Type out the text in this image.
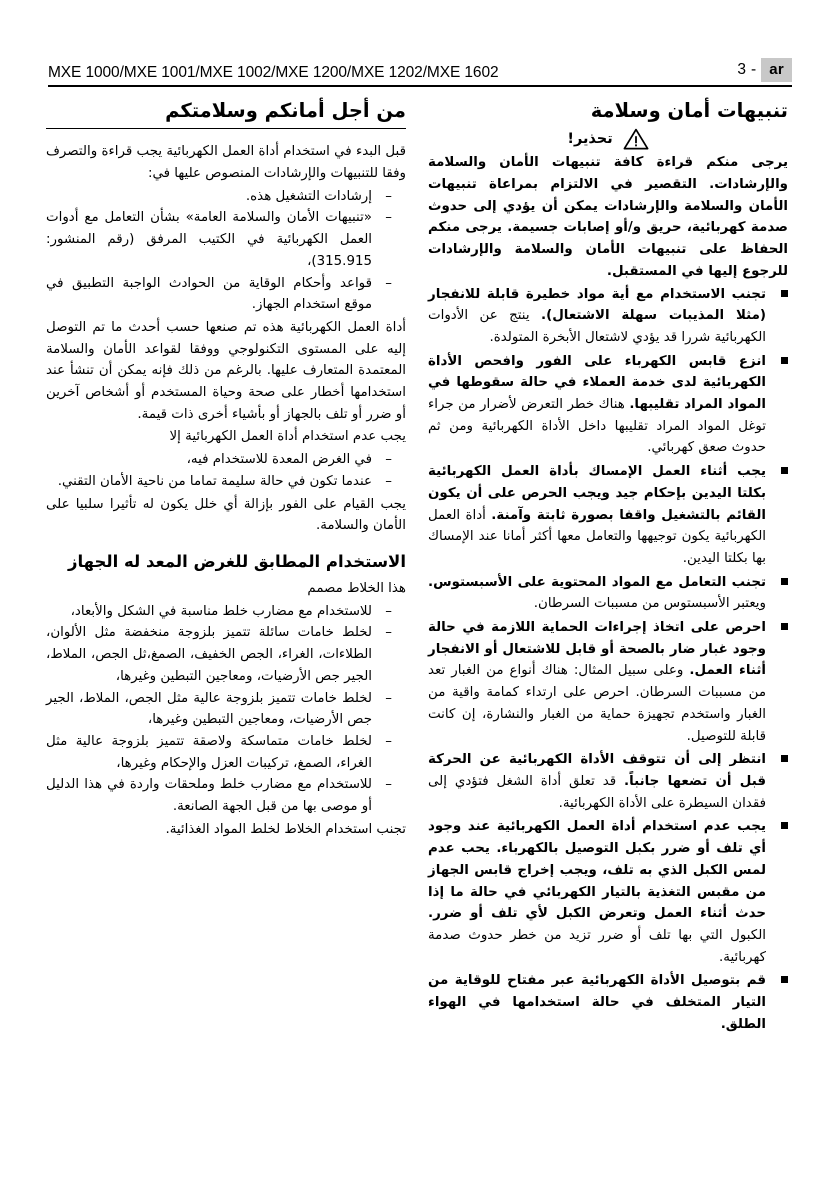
MXE 1000/MXE 1001/MXE 1002/MXE 1200/MXE 1202/MXE 1602	3 - ar
من أجل أمانكم وسلامتكم

قبل البدء في استخدام أداة العمل الكهربائية يجب قراءة والتصرف وفقا للتنبيهات والإرشادات المنصوص عليها في:

–
إرشادات التشغيل هذه.
–
«تنبيهات الأمان والسلامة العامة» بشأن التعامل مع أدوات العمل الكهربائية في الكتيب المرفق (رقم المنشور: 315.915)،
–
قواعد وأحكام الوقاية من الحوادث الواجبة التطبيق في موقع استخدام الجهاز.

أداة العمل الكهربائية هذه تم صنعها حسب أحدث ما تم التوصل إليه على المستوى التكنولوجي ووفقا لقواعد الأمان والسلامة المعتمدة المتعارف عليها. بالرغم من ذلك فإنه يمكن أن تنشأ عند استخدامها أخطار على صحة وحياة المستخدم أو أشخاص آخرين أو ضرر أو تلف بالجهاز أو بأشياء أخرى ذات قيمة.

يجب عدم استخدام أداة العمل الكهربائية إلا

–
في الغرض المعدة للاستخدام فيه،
–
عندما تكون في حالة سليمة تماما من ناحية الأمان التقني.

يجب القيام على الفور بإزالة أي خلل يكون له تأثيرا سلبيا على الأمان والسلامة.

الاستخدام المطابق للغرض المعد له الجهاز

هذا الخلاط مصمم

–
للاستخدام مع مضارب خلط مناسبة في الشكل والأبعاد،
–
لخلط خامات سائلة تتميز بلزوجة منخفضة مثل الألوان، الطلاءات، الغراء، الجص الخفيف، الصمغ،ثل الجص، الملاط، الجير جص الأرضيات، ومعاجين التبطين وغيرها،
–
لخلط خامات تتميز بلزوجة عالية مثل الجص، الملاط، الجير جص الأرضيات، ومعاجين التبطين وغيرها،
–
لخلط خامات متماسكة ولاصقة تتميز بلزوجة عالية مثل الغراء، الصمغ، تركيبات العزل والإحكام وغيرها،
–
للاستخدام مع مضارب خلط وملحقات واردة في هذا الدليل أو موصى بها من قبل الجهة الصانعة.

تجنب استخدام الخلاط لخلط المواد الغذائية.

تنبيهات أمان وسلامة
تحذير!

يرجى منكم قراءة كافة تنبيهات الأمان والسلامة والإرشادات. التقصير في الالتزام بمراعاة تنبيهات الأمان والسلامة والإرشادات يمكن أن يؤدي إلى حدوث صدمة كهربائية، حريق و/أو إصابات جسيمة. يرجى منكم الحفاظ على تنبيهات الأمان والسلامة والإرشادات للرجوع إليها في المستقبل.

تجنب الاستخدام مع أية مواد خطيرة قابلة للانفجار (مثلا المذيبات سهلة الاشتعال). ينتج عن الأدوات الكهربائية شررا قد يؤدي لاشتعال الأبخرة المتولدة.
انزع قابس الكهرباء على الفور وافحص الأداة الكهربائية لدى خدمة العملاء في حالة سقوطها في المواد المراد تقليبها. هناك خطر التعرض لأضرار من جراء توغل المواد المراد تقليبها داخل الأداة الكهربائية ومن ثم حدوث صعق كهربائي.
يجب أثناء العمل الإمساك بأداة العمل الكهربائية بكلتا اليدين بإحكام جيد ويجب الحرص على أن يكون القائم بالتشغيل واقفا بصورة ثابتة وآمنة. أداة العمل الكهربائية يكون توجيهها والتعامل معها أكثر أمانا عند الإمساك بها بكلتا اليدين.
تجنب التعامل مع المواد المحتوية على الأسبستوس. ويعتبر الأسبستوس من مسببات السرطان.
احرص على اتخاذ إجراءات الحماية اللازمة في حالة وجود غبار ضار بالصحة أو قابل للاشتعال أو الانفجار أثناء العمل. وعلى سبيل المثال: هناك أنواع من الغبار تعد من مسببات السرطان. احرص على ارتداء كمامة واقية من الغبار واستخدم تجهيزة حماية من الغبار والنشارة، إن كانت قابلة للتوصيل.
انتظر إلى أن تتوقف الأداة الكهربائية عن الحركة قبل أن تضعها جانباً. قد تعلق أداة الشغل فتؤدي إلى فقدان السيطرة على الأداة الكهربائية.
يجب عدم استخدام أداة العمل الكهربائية عند وجود أي تلف أو ضرر بكبل التوصيل بالكهرباء. يحب عدم لمس الكبل الذي به تلف، ويجب إخراج قابس الجهاز من مقبس التغذية بالتيار الكهربائي في حالة ما إذا حدث أثناء العمل وتعرض الكبل لأي تلف أو ضرر. الكبول التي بها تلف أو ضرر تزيد من خطر حدوث صدمة كهربائية.
قم بتوصيل الأداة الكهربائية عبر مفتاح للوقاية من التيار المتخلف في حالة استخدامها في الهواء الطلق.
